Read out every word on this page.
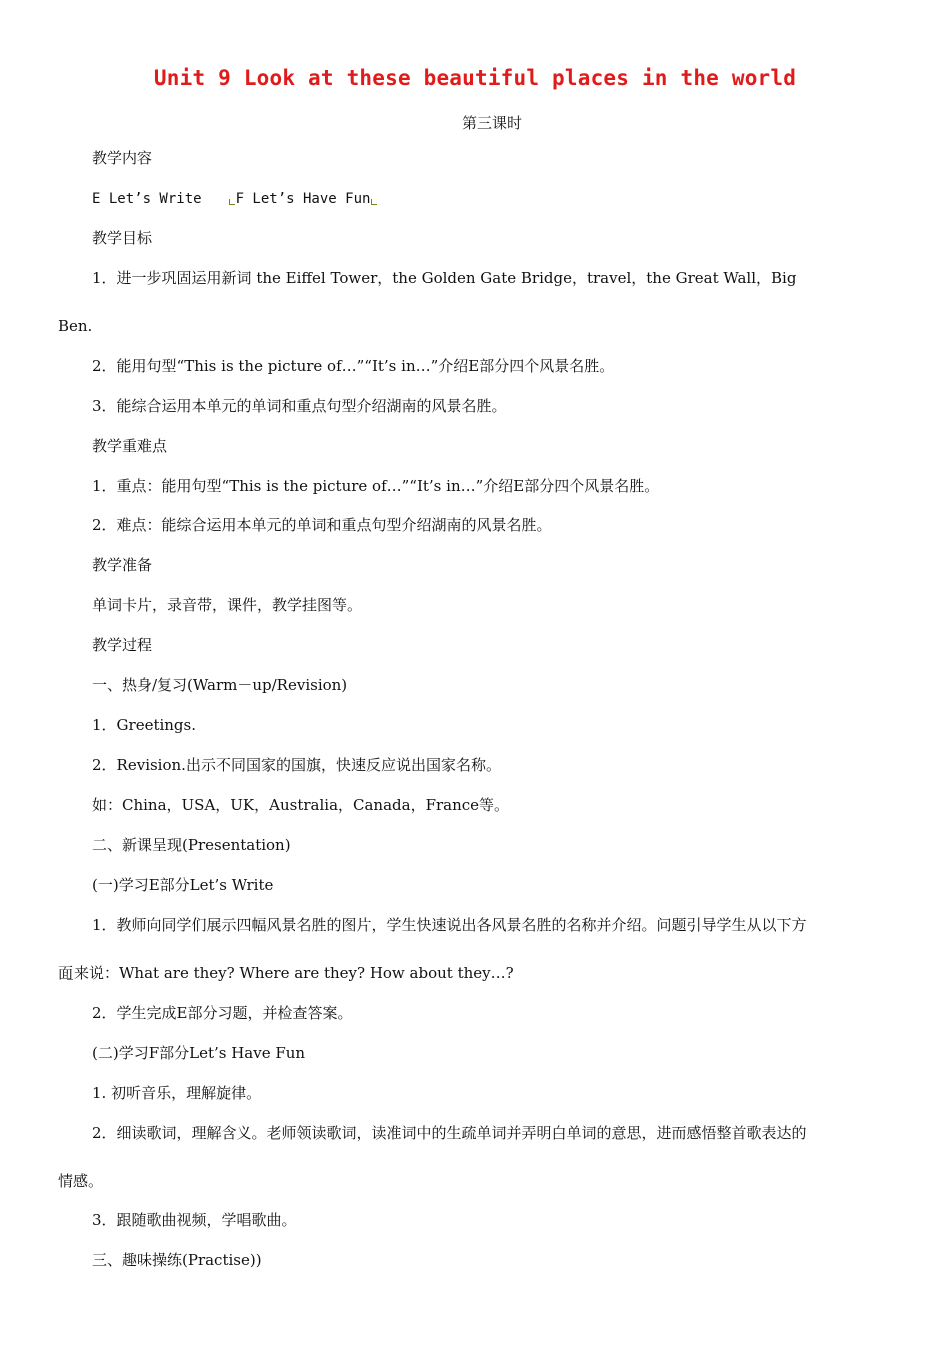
Unit 9 Look at these beautiful places in the world
第三课时
教学内容
E Let’s Write F Let’s Have Fun
教学目标
1．进一步巩固运用新词 the Eiffel Tower，the Golden Gate Bridge，travel，the Great Wall，Big
Ben.
2．能用句型“This is the picture of…”“It’s in…”介绍E部分四个风景名胜。
3．能综合运用本单元的单词和重点句型介绍湖南的风景名胜。
教学重难点
1．重点：能用句型“This is the picture of…”“It’s in…”介绍E部分四个风景名胜。
2．难点：能综合运用本单元的单词和重点句型介绍湖南的风景名胜。
教学准备
单词卡片，录音带，课件，教学挂图等。
教学过程
一、热身/复习(Warm－up/Revision)
1．Greetings.
2．Revision.出示不同国家的国旗，快速反应说出国家名称。
如：China，USA，UK，Australia，Canada，France等。
二、新课呈现(Presentation)
(一)学习E部分Let’s Write
1．教师向同学们展示四幅风景名胜的图片，学生快速说出各风景名胜的名称并介绍。问题引导学生从以下方
面来说：What are they? Where are they? How about they…?
2．学生完成E部分习题，并检查答案。
(二)学习F部分Let’s Have Fun
1. 初听音乐，理解旋律。
2．细读歌词，理解含义。老师领读歌词，读准词中的生疏单词并弄明白单词的意思，进而感悟整首歌表达的
情感。
3．跟随歌曲视频，学唱歌曲。
三、趣味操练(Practise))
